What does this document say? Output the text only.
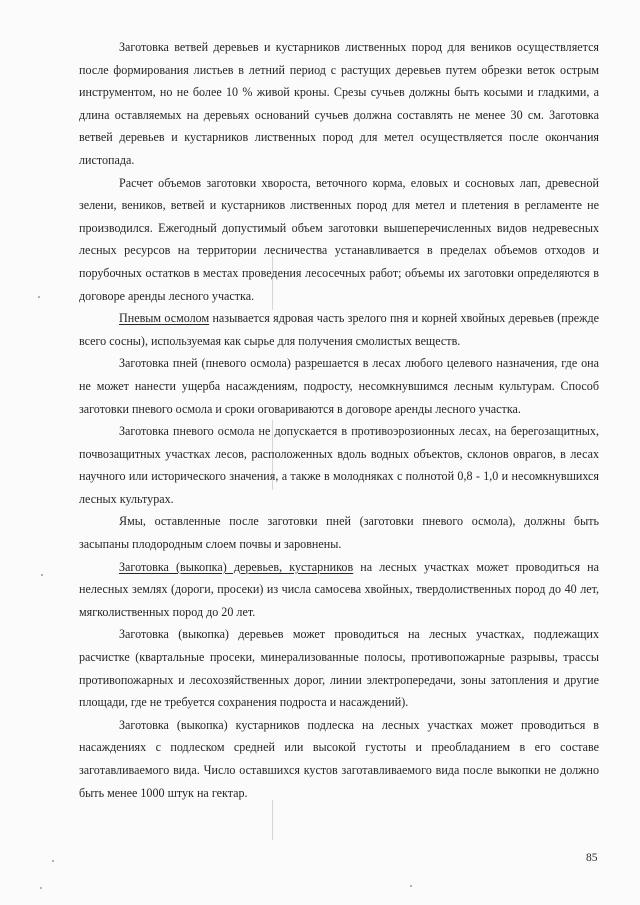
Заготовка ветвей деревьев и кустарников лиственных пород для веников осуществляется после формирования листьев в летний период с растущих деревьев путем обрезки веток острым инструментом, но не более 10 % живой кроны. Срезы сучьев должны быть косыми и гладкими, а длина оставляемых на деревьях оснований сучьев должна составлять не менее 30 см. Заготовка ветвей деревьев и кустарников лиственных пород для метел осуществляется после окончания листопада.

Расчет объемов заготовки хвороста, веточного корма, еловых и сосновых лап, древесной зелени, веников, ветвей и кустарников лиственных пород для метел и плетения в регламенте не производился. Ежегодный допустимый объем заготовки вышеперечисленных видов недревесных лесных ресурсов на территории лесничества устанавливается в пределах объемов отходов и порубочных остатков в местах проведения лесосечных работ; объемы их заготовки определяются в договоре аренды лесного участка.

Пневым осмолом называется ядровая часть зрелого пня и корней хвойных деревьев (прежде всего сосны), используемая как сырье для получения смолистых веществ.

Заготовка пней (пневого осмола) разрешается в лесах любого целевого назначения, где она не может нанести ущерба насаждениям, подросту, несомкнувшимся лесным культурам. Способ заготовки пневого осмола и сроки оговариваются в договоре аренды лесного участка.

Заготовка пневого осмола не допускается в противоэрозионных лесах, на берегозащитных, почвозащитных участках лесов, расположенных вдоль водных объектов, склонов оврагов, в лесах научного или исторического значения, а также в молодняках с полнотой 0,8 - 1,0 и несомкнувшихся лесных культурах.

Ямы, оставленные после заготовки пней (заготовки пневого осмола), должны быть засыпаны плодородным слоем почвы и заровнены.

Заготовка (выкопка) деревьев, кустарников на лесных участках может проводиться на нелесных землях (дороги, просеки) из числа самосева хвойных, твердолиственных пород до 40 лет, мягколиственных пород до 20 лет.

Заготовка (выкопка) деревьев может проводиться на лесных участках, подлежащих расчистке (квартальные просеки, минерализованные полосы, противопожарные разрывы, трассы противопожарных и лесохозяйственных дорог, линии электропередачи, зоны затопления и другие площади, где не требуется сохранения подроста и насаждений).

Заготовка (выкопка) кустарников подлеска на лесных участках может проводиться в насаждениях с подлеском средней или высокой густоты и преобладанием в его составе заготавливаемого вида. Число оставшихся кустов заготавливаемого вида после выкопки не должно быть менее 1000 штук на гектар.

85
